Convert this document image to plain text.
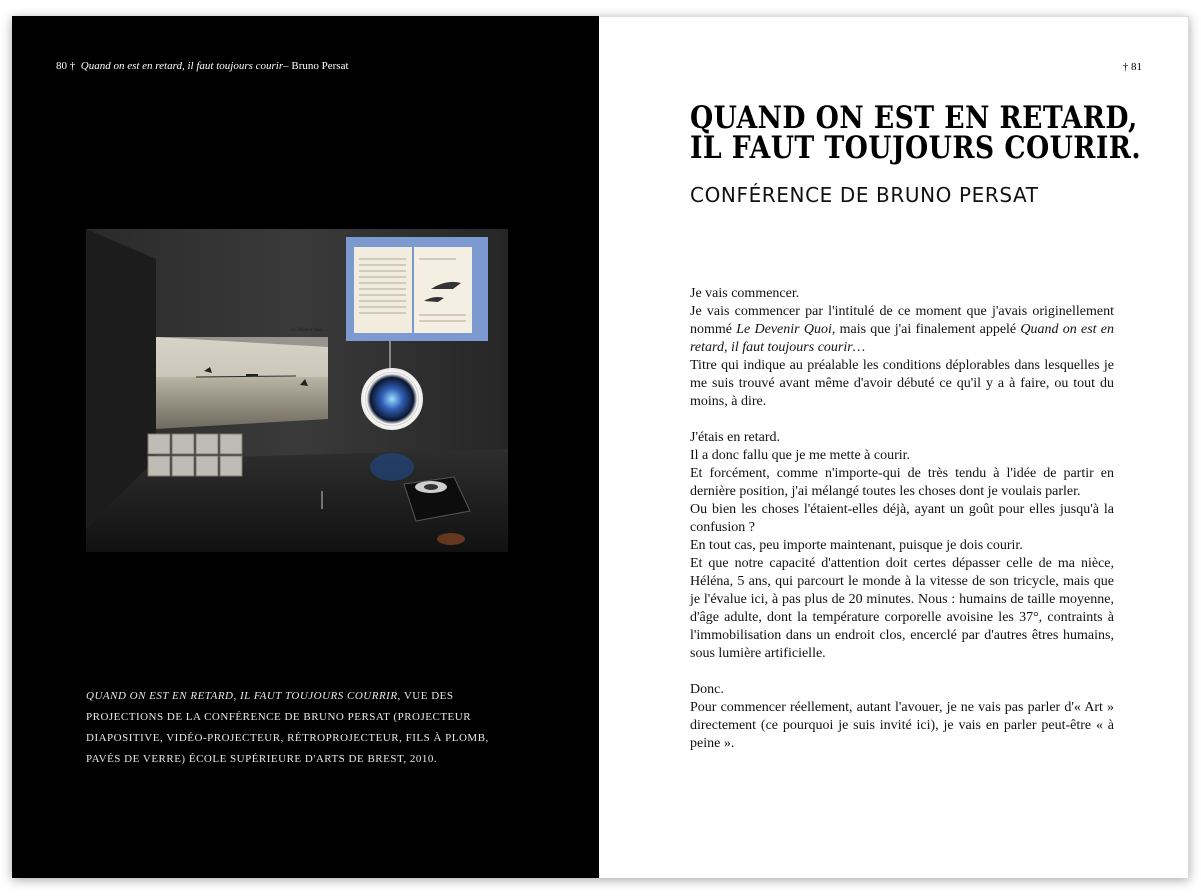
80 † Quand on est en retard, il faut toujours courir– Bruno Persat
Le Devenir Quoi
QUAND ON EST EN RETARD, IL FAUT TOUJOURS COURRIR, VUE DES PROJECTIONS DE LA CONFÉRENCE DE BRUNO PERSAT (PROJECTEUR DIAPOSITIVE, VIDÉO-PROJECTEUR, RÉTROPROJECTEUR, FILS À PLOMB, PAVÉS DE VERRE) ÉCOLE SUPÉRIEURE D'ARTS DE BREST, 2010.
† 81
QUAND ON EST EN RETARD,
IL FAUT TOUJOURS COURIR.
CONFÉRENCE DE BRUNO PERSAT

Je vais commencer.

Je vais commencer par l'intitulé de ce moment que j'avais originellement nommé Le Devenir Quoi, mais que j'ai finalement appelé Quand on est en retard, il faut toujours courir…

Titre qui indique au préalable les conditions déplorables dans lesquelles je me suis trouvé avant même d'avoir débuté ce qu'il y a à faire, ou tout du moins, à dire.

J'étais en retard.

Il a donc fallu que je me mette à courir.

Et forcément, comme n'importe-qui de très tendu à l'idée de partir en dernière position, j'ai mélangé toutes les choses dont je voulais parler.

Ou bien les choses l'étaient-elles déjà, ayant un goût pour elles jusqu'à la confusion ?

En tout cas, peu importe maintenant, puisque je dois courir.

Et que notre capacité d'attention doit certes dépasser celle de ma nièce, Héléna, 5 ans, qui parcourt le monde à la vitesse de son tricycle, mais que je l'évalue ici, à pas plus de 20 minutes. Nous : humains de taille moyenne, d'âge adulte, dont la température corporelle avoisine les 37°, contraints à l'immobilisation dans un endroit clos, encerclé par d'autres êtres humains, sous lumière artificielle.

Donc.

Pour commencer réellement, autant l'avouer, je ne vais pas parler d'« Art » directement (ce pourquoi je suis invité ici), je vais en parler peut-être « à peine ».
